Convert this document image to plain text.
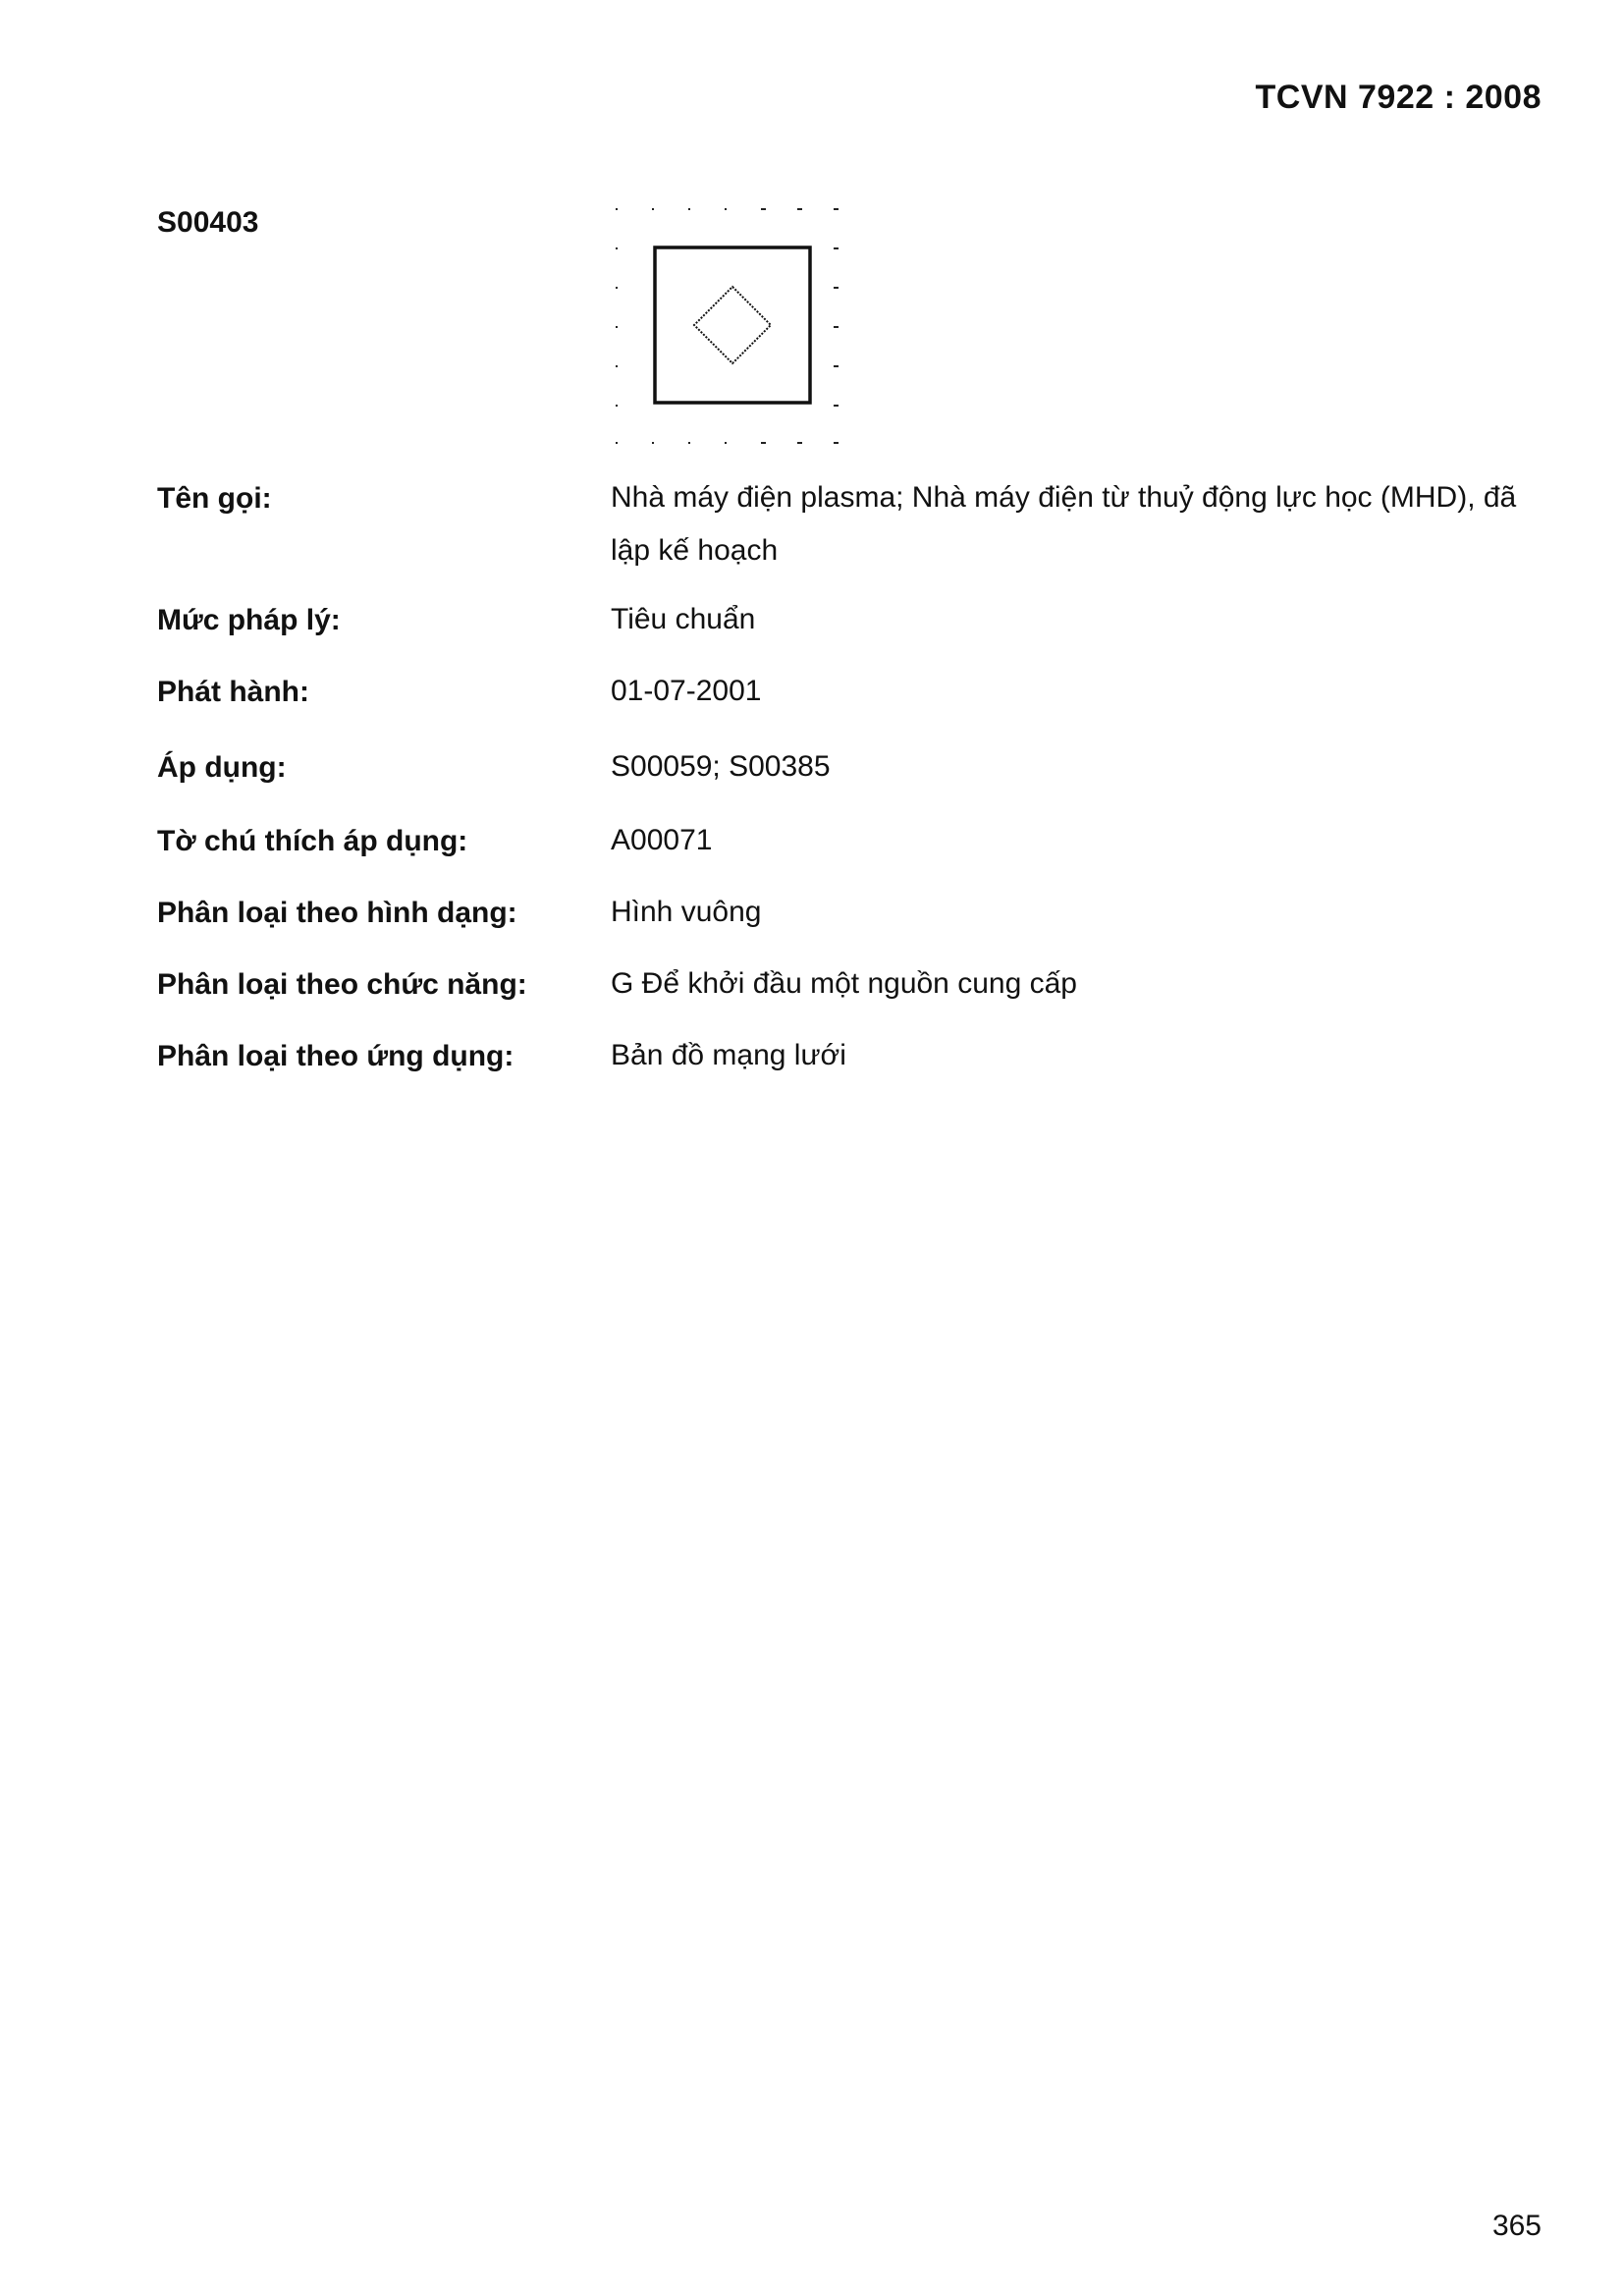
TCVN 7922 : 2008
S00403
Tên gọi:	Nhà máy điện plasma; Nhà máy điện từ thuỷ động lực học (MHD), đã lập kế hoạch
Mức pháp lý:	Tiêu chuẩn
Phát hành:	01-07-2001
Áp dụng:	S00059; S00385
Tờ chú thích áp dụng:	A00071
Phân loại theo hình dạng:	Hình vuông
Phân loại theo chức năng:	G Để khởi đầu một nguồn cung cấp
Phân loại theo ứng dụng:	Bản đồ mạng lưới
365
